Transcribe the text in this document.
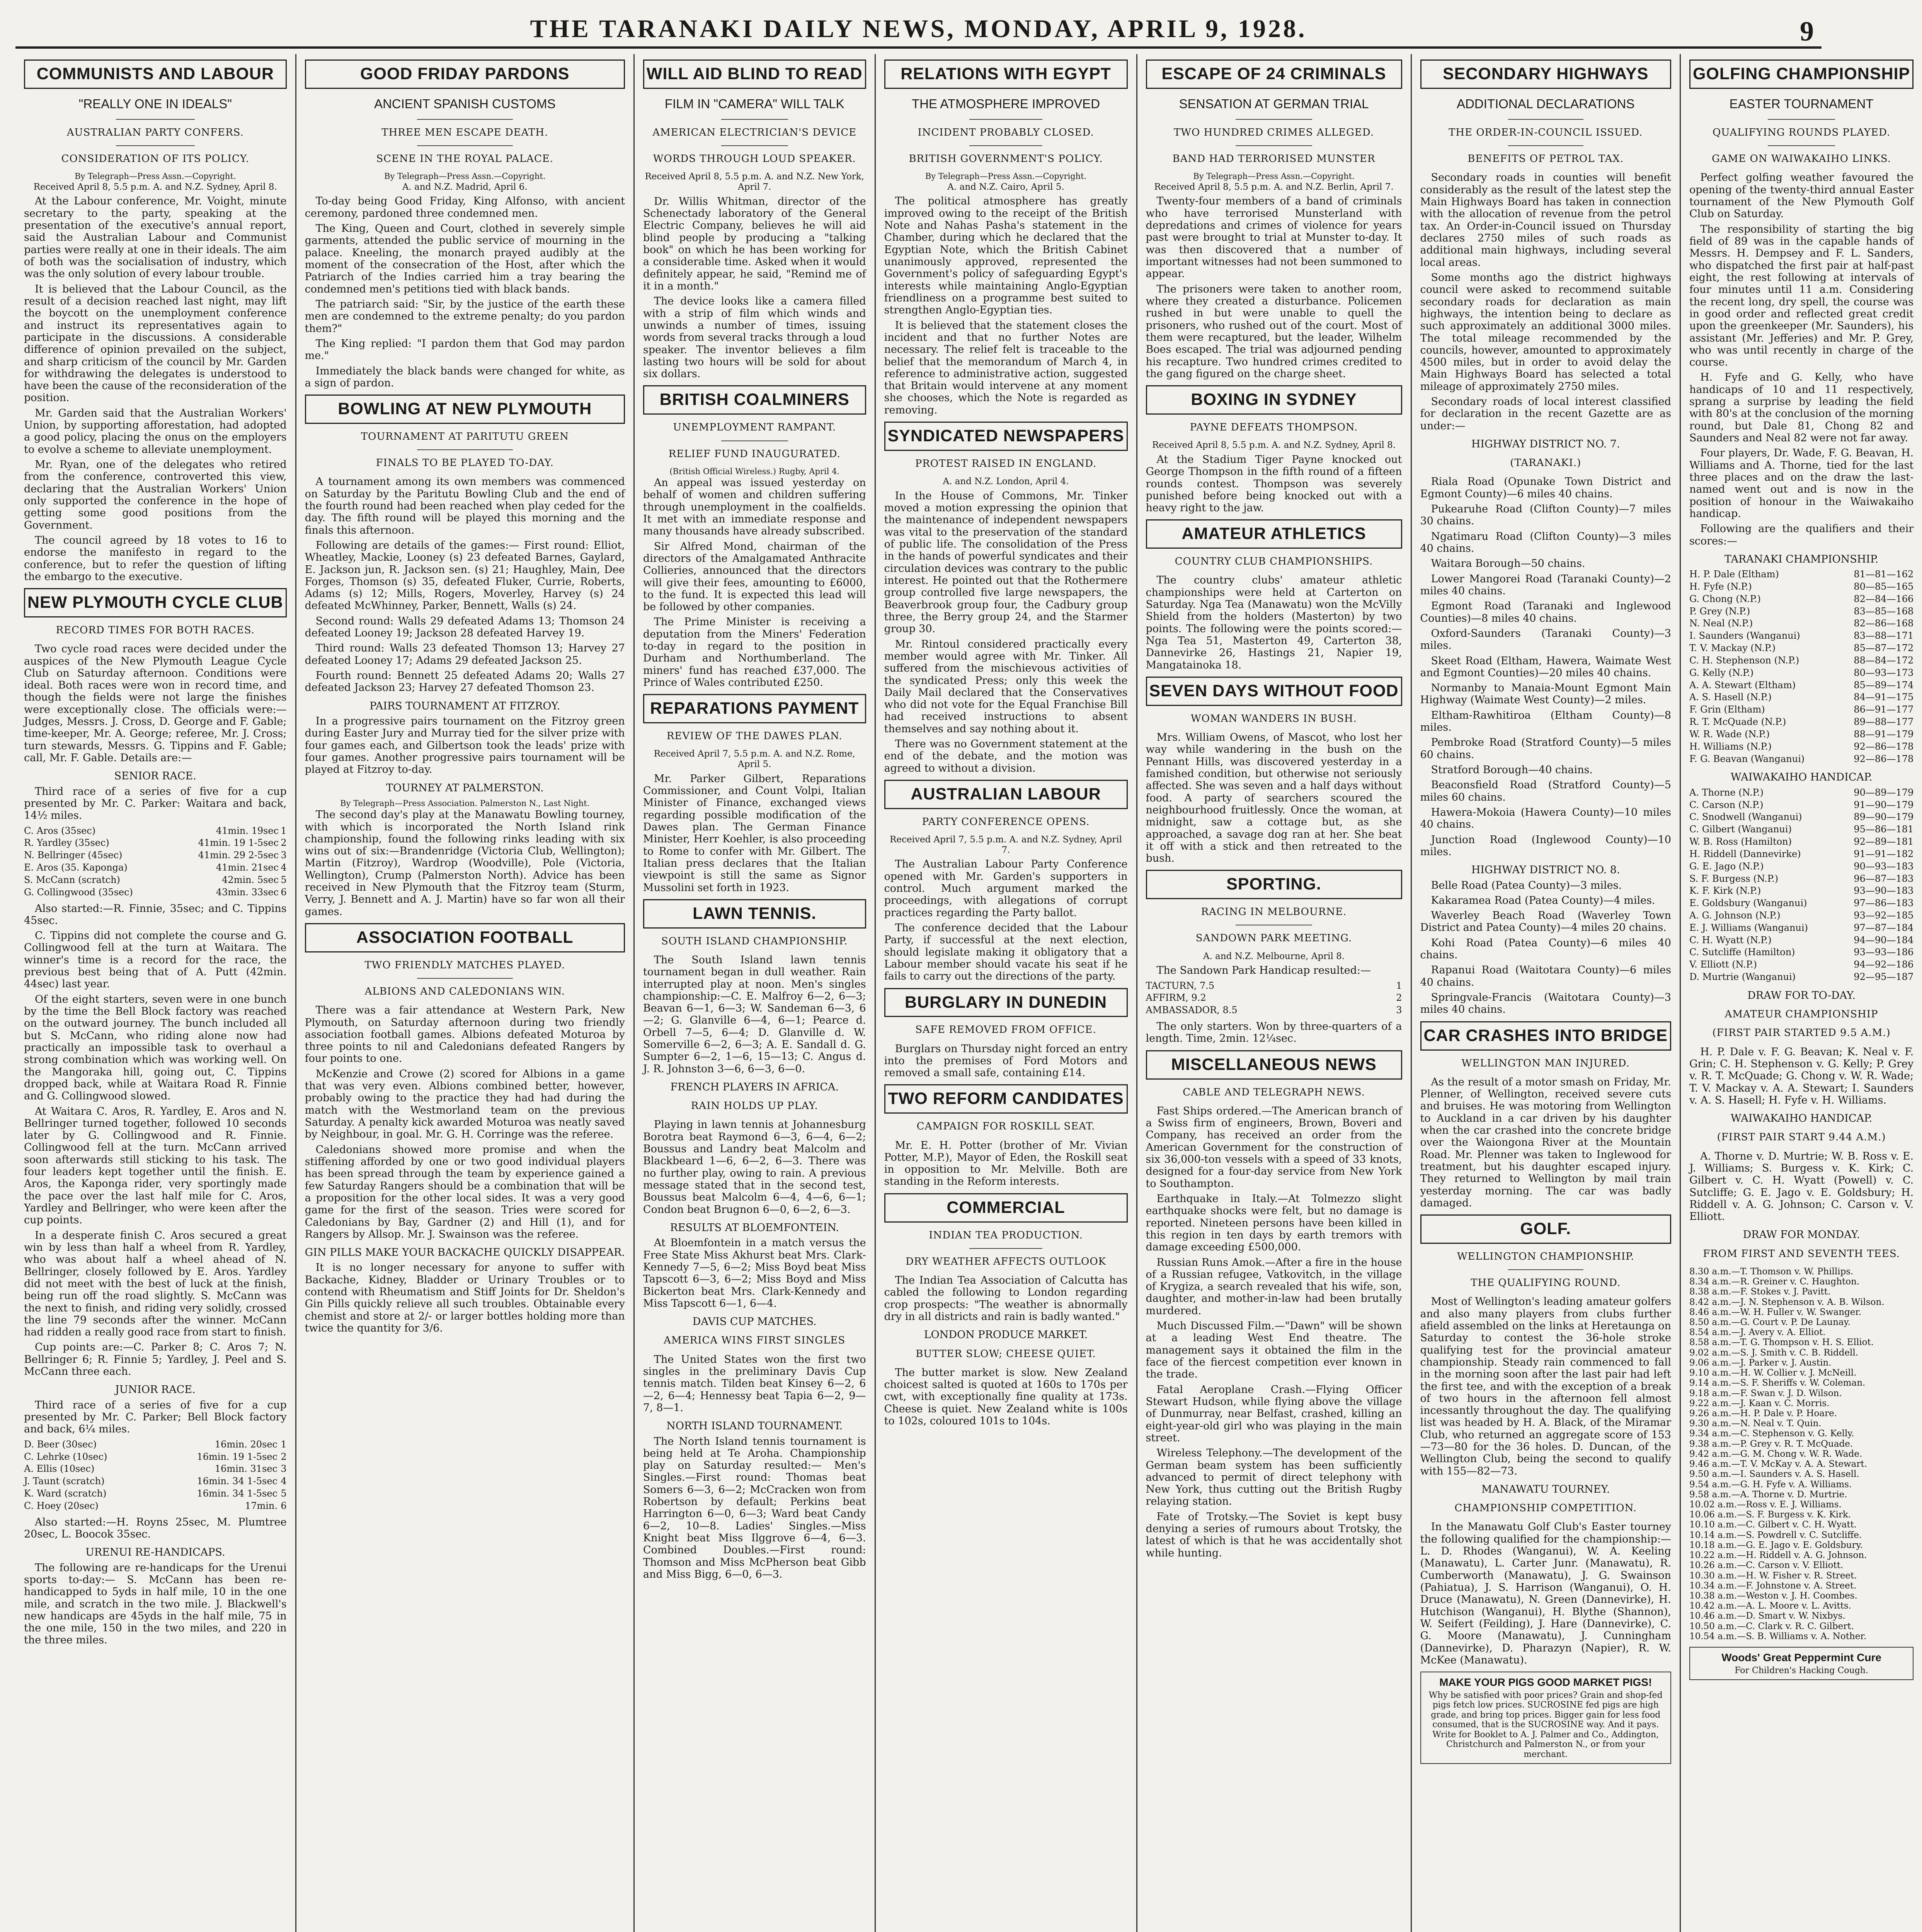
THE TARANAKI DAILY NEWS, MONDAY, APRIL 9, 1928.	9
COMMUNISTS AND LABOUR
"REALLY ONE IN IDEALS"
AUSTRALIAN PARTY CONFERS.
CONSIDERATION OF ITS POLICY.
By Telegraph—Press Assn.—Copyright.
Received April 8, 5.5 p.m. A. and N.Z. Sydney, April 8.

At the Labour conference, Mr. Voight, minute secretary to the party, speaking at the presentation of the executive's annual report, said the Australian Labour and Communist parties were really at one in their ideals. The aim of both was the socialisation of industry, which was the only solution of every labour trouble.

It is believed that the Labour Council, as the result of a decision reached last night, may lift the boycott on the unemployment conference and instruct its representatives again to participate in the discussions. A considerable difference of opinion prevailed on the subject, and sharp criticism of the council by Mr. Garden for withdrawing the delegates is understood to have been the cause of the reconsideration of the position.

Mr. Garden said that the Australian Workers' Union, by supporting afforestation, had adopted a good policy, placing the onus on the employers to evolve a scheme to alleviate unemployment.

Mr. Ryan, one of the delegates who retired from the conference, controverted this view, declaring that the Australian Workers' Union only supported the conference in the hope of getting some good positions from the Government.

The council agreed by 18 votes to 16 to endorse the manifesto in regard to the conference, but to refer the question of lifting the embargo to the executive.

NEW PLYMOUTH CYCLE CLUB
RECORD TIMES FOR BOTH RACES.

Two cycle road races were decided under the auspices of the New Plymouth League Cycle Club on Saturday afternoon. Conditions were ideal. Both races were won in record time, and though the fields were not large the finishes were exceptionally close. The officials were:—Judges, Messrs. J. Cross, D. George and F. Gable; time-keeper, Mr. A. George; referee, Mr. J. Cross; turn stewards, Messrs. G. Tippins and F. Gable; call, Mr. F. Gable. Details are:—

SENIOR RACE.

Third race of a series of five for a cup presented by Mr. C. Parker: Waitara and back, 14½ miles.

C. Aros (35sec)	41min. 19sec	1
R. Yardley (35sec)	41min. 19 1-5sec	2
N. Bellringer (45sec)	41min. 29 2-5sec	3
E. Aros (35. Kaponga)	41min. 21sec	4
S. McCann (scratch)	42min. 5sec	5
G. Collingwood (35sec)	43min. 33sec	6

Also started:—R. Finnie, 35sec; and C. Tippins 45sec.

C. Tippins did not complete the course and G. Collingwood fell at the turn at Waitara. The winner's time is a record for the race, the previous best being that of A. Putt (42min. 44sec) last year.

Of the eight starters, seven were in one bunch by the time the Bell Block factory was reached on the outward journey. The bunch included all but S. McCann, who riding alone now had practically an impossible task to overhaul a strong combination which was working well. On the Mangoraka hill, going out, C. Tippins dropped back, while at Waitara Road R. Finnie and G. Collingwood slowed.

At Waitara C. Aros, R. Yardley, E. Aros and N. Bellringer turned together, followed 10 seconds later by G. Collingwood and R. Finnie. Collingwood fell at the turn. McCann arrived soon afterwards still sticking to his task. The four leaders kept together until the finish. E. Aros, the Kaponga rider, very sportingly made the pace over the last half mile for C. Aros, Yardley and Bellringer, who were keen after the cup points.

In a desperate finish C. Aros secured a great win by less than half a wheel from R. Yardley, who was about half a wheel ahead of N. Bellringer, closely followed by E. Aros. Yardley did not meet with the best of luck at the finish, being run off the road slightly. S. McCann was the next to finish, and riding very solidly, crossed the line 79 seconds after the winner. McCann had ridden a really good race from start to finish.

Cup points are:—C. Parker 8; C. Aros 7; N. Bellringer 6; R. Finnie 5; Yardley, J. Peel and S. McCann three each.

JUNIOR RACE.

Third race of a series of five for a cup presented by Mr. C. Parker; Bell Block factory and back, 6¼ miles.

D. Beer (30sec)	16min. 20sec	1
C. Lehrke (10sec)	16min. 19 1-5sec	2
A. Ellis (10sec)	16min. 31sec	3
J. Taunt (scratch)	16min. 34 1-5sec	4
K. Ward (scratch)	16min. 34 1-5sec	5
C. Hoey (20sec)	17min.	6

Also started:—H. Royns 25sec, M. Plumtree 20sec, L. Boocok 35sec.

URENUI RE-HANDICAPS.

The following are re-handicaps for the Urenui sports to-day:— S. McCann has been re-handicapped to 5yds in half mile, 10 in the one mile, and scratch in the two mile. J. Blackwell's new handicaps are 45yds in the half mile, 75 in the one mile, 150 in the two miles, and 220 in the three miles.

GOOD FRIDAY PARDONS
ANCIENT SPANISH CUSTOMS
THREE MEN ESCAPE DEATH.
SCENE IN THE ROYAL PALACE.
By Telegraph—Press Assn.—Copyright.
A. and N.Z. Madrid, April 6.

To-day being Good Friday, King Alfonso, with ancient ceremony, pardoned three condemned men.

The King, Queen and Court, clothed in severely simple garments, attended the public service of mourning in the palace. Kneeling, the monarch prayed audibly at the moment of the consecration of the Host, after which the Patriarch of the Indies carried him a tray bearing the condemned men's petitions tied with black bands.

The patriarch said: "Sir, by the justice of the earth these men are condemned to the extreme penalty; do you pardon them?"

The King replied: "I pardon them that God may pardon me."

Immediately the black bands were changed for white, as a sign of pardon.

BOWLING AT NEW PLYMOUTH
TOURNAMENT AT PARITUTU GREEN
FINALS TO BE PLAYED TO-DAY.

A tournament among its own members was commenced on Saturday by the Paritutu Bowling Club and the end of the fourth round had been reached when play ceded for the day. The fifth round will be played this morning and the finals this afternoon.

Following are details of the games:— First round: Elliot, Wheatley, Mackie, Looney (s) 23 defeated Barnes, Gaylard, E. Jackson jun, R. Jackson sen. (s) 21; Haughley, Main, Dee Forges, Thomson (s) 35, defeated Fluker, Currie, Roberts, Adams (s) 12; Mills, Rogers, Moverley, Harvey (s) 24 defeated McWhinney, Parker, Bennett, Walls (s) 24.

Second round: Walls 29 defeated Adams 13; Thomson 24 defeated Looney 19; Jackson 28 defeated Harvey 19.

Third round: Walls 23 defeated Thomson 13; Harvey 27 defeated Looney 17; Adams 29 defeated Jackson 25.

Fourth round: Bennett 25 defeated Adams 20; Walls 27 defeated Jackson 23; Harvey 27 defeated Thomson 23.

PAIRS TOURNAMENT AT FITZROY.

In a progressive pairs tournament on the Fitzroy green during Easter Jury and Murray tied for the silver prize with four games each, and Gilbertson took the leads' prize with four games. Another progressive pairs tournament will be played at Fitzroy to-day.

TOURNEY AT PALMERSTON.
By Telegraph—Press Association. Palmerston N., Last Night.

The second day's play at the Manawatu Bowling tourney, with which is incorporated the North Island rink championship, found the following rinks leading with six wins out of six:—Brandenridge (Victoria Club, Wellington); Martin (Fitzroy), Wardrop (Woodville), Pole (Victoria, Wellington), Crump (Palmerston North). Advice has been received in New Plymouth that the Fitzroy team (Sturm, Verry, J. Bennett and A. J. Martin) have so far won all their games.

ASSOCIATION FOOTBALL
TWO FRIENDLY MATCHES PLAYED.
ALBIONS AND CALEDONIANS WIN.

There was a fair attendance at Western Park, New Plymouth, on Saturday afternoon during two friendly association football games. Albions defeated Moturoa by three points to nil and Caledonians defeated Rangers by four points to one.

McKenzie and Crowe (2) scored for Albions in a game that was very even. Albions combined better, however, probably owing to the practice they had had during the match with the Westmorland team on the previous Saturday. A penalty kick awarded Moturoa was neatly saved by Neighbour, in goal. Mr. G. H. Corringe was the referee.

Caledonians showed more promise and when the stiffening afforded by one or two good individual players has been spread through the team by experience gained a few Saturday Rangers should be a combination that will be a proposition for the other local sides. It was a very good game for the first of the season. Tries were scored for Caledonians by Bay, Gardner (2) and Hill (1), and for Rangers by Allsop. Mr. J. Swainson was the referee.

GIN PILLS MAKE YOUR BACKACHE QUICKLY DISAPPEAR.

It is no longer necessary for anyone to suffer with Backache, Kidney, Bladder or Urinary Troubles or to contend with Rheumatism and Stiff Joints for Dr. Sheldon's Gin Pills quickly relieve all such troubles. Obtainable every chemist and store at 2/- or larger bottles holding more than twice the quantity for 3/6.

WILL AID BLIND TO READ
FILM IN "CAMERA" WILL TALK
AMERICAN ELECTRICIAN'S DEVICE
WORDS THROUGH LOUD SPEAKER.
Received April 8, 5.5 p.m. A. and N.Z. New York, April 7.

Dr. Willis Whitman, director of the Schenectady laboratory of the General Electric Company, believes he will aid blind people by producing a "talking book" on which he has been working for a considerable time. Asked when it would definitely appear, he said, "Remind me of it in a month."

The device looks like a camera filled with a strip of film which winds and unwinds a number of times, issuing words from several tracks through a loud speaker. The inventor believes a film lasting two hours will be sold for about six dollars.

BRITISH COALMINERS
UNEMPLOYMENT RAMPANT.
RELIEF FUND INAUGURATED.
(British Official Wireless.) Rugby, April 4.

An appeal was issued yesterday on behalf of women and children suffering through unemployment in the coalfields. It met with an immediate response and many thousands have already subscribed.

Sir Alfred Mond, chairman of the directors of the Amalgamated Anthracite Collieries, announced that the directors will give their fees, amounting to £6000, to the fund. It is expected this lead will be followed by other companies.

The Prime Minister is receiving a deputation from the Miners' Federation to-day in regard to the position in Durham and Northumberland. The miners' fund has reached £37,000. The Prince of Wales contributed £250.

REPARATIONS PAYMENT
REVIEW OF THE DAWES PLAN.
Received April 7, 5.5 p.m. A. and N.Z. Rome, April 5.

Mr. Parker Gilbert, Reparations Commissioner, and Count Volpi, Italian Minister of Finance, exchanged views regarding possible modification of the Dawes plan. The German Finance Minister, Herr Koehler, is also proceeding to Rome to confer with Mr. Gilbert. The Italian press declares that the Italian viewpoint is still the same as Signor Mussolini set forth in 1923.

LAWN TENNIS.
SOUTH ISLAND CHAMPIONSHIP.

The South Island lawn tennis tournament began in dull weather. Rain interrupted play at noon. Men's singles championship:—C. E. Malfroy 6—2, 6—3; Beavan 6—1, 6—3; W. Sandeman 6—3, 6—2; G. Glanville 6—4, 6—1; Pearce d. Orbell 7—5, 6—4; D. Glanville d. W. Somerville 6—2, 6—3; A. E. Sandall d. G. Sumpter 6—2, 1—6, 15—13; C. Angus d. J. R. Johnston 3—6, 6—3, 6—0.

FRENCH PLAYERS IN AFRICA.
RAIN HOLDS UP PLAY.

Playing in lawn tennis at Johannesburg Borotra beat Raymond 6—3, 6—4, 6—2; Boussus and Landry beat Malcolm and Blackbeard 1—6, 6—2, 6—3. There was no further play, owing to rain. A previous message stated that in the second test, Boussus beat Malcolm 6—4, 4—6, 6—1; Condon beat Brugnon 6—0, 6—2, 6—3.

RESULTS AT BLOEMFONTEIN.

At Bloemfontein in a match versus the Free State Miss Akhurst beat Mrs. Clark-Kennedy 7—5, 6—2; Miss Boyd beat Miss Tapscott 6—3, 6—2; Miss Boyd and Miss Bickerton beat Mrs. Clark-Kennedy and Miss Tapscott 6—1, 6—4.

DAVIS CUP MATCHES.
AMERICA WINS FIRST SINGLES

The United States won the first two singles in the preliminary Davis Cup tennis match. Tilden beat Kinsey 6—2, 6—2, 6—4; Hennessy beat Tapia 6—2, 9—7, 8—1.

NORTH ISLAND TOURNAMENT.

The North Island tennis tournament is being held at Te Aroha. Championship play on Saturday resulted:— Men's Singles.—First round: Thomas beat Somers 6—3, 6—2; McCracken won from Robertson by default; Perkins beat Harrington 6—0, 6—3; Ward beat Candy 6—2, 10—8. Ladies' Singles.—Miss Knight beat Miss Ilggrove 6—4, 6—3. Combined Doubles.—First round: Thomson and Miss McPherson beat Gibb and Miss Bigg, 6—0, 6—3.

RELATIONS WITH EGYPT
THE ATMOSPHERE IMPROVED
INCIDENT PROBABLY CLOSED.
BRITISH GOVERNMENT'S POLICY.
By Telegraph—Press Assn.—Copyright.
A. and N.Z. Cairo, April 5.

The political atmosphere has greatly improved owing to the receipt of the British Note and Nahas Pasha's statement in the Chamber, during which he declared that the Egyptian Note, which the British Cabinet unanimously approved, represented the Government's policy of safeguarding Egypt's interests while maintaining Anglo-Egyptian friendliness on a programme best suited to strengthen Anglo-Egyptian ties.

It is believed that the statement closes the incident and that no further Notes are necessary. The relief felt is traceable to the belief that the memorandum of March 4, in reference to administrative action, suggested that Britain would intervene at any moment she chooses, which the Note is regarded as removing.

SYNDICATED NEWSPAPERS
PROTEST RAISED IN ENGLAND.
A. and N.Z. London, April 4.

In the House of Commons, Mr. Tinker moved a motion expressing the opinion that the maintenance of independent newspapers was vital to the preservation of the standard of public life. The consolidation of the Press in the hands of powerful syndicates and their circulation devices was contrary to the public interest. He pointed out that the Rothermere group controlled five large newspapers, the Beaverbrook group four, the Cadbury group three, the Berry group 24, and the Starmer group 30.

Mr. Rintoul considered practically every member would agree with Mr. Tinker. All suffered from the mischievous activities of the syndicated Press; only this week the Daily Mail declared that the Conservatives who did not vote for the Equal Franchise Bill had received instructions to absent themselves and say nothing about it.

There was no Government statement at the end of the debate, and the motion was agreed to without a division.

AUSTRALIAN LABOUR
PARTY CONFERENCE OPENS.
Received April 7, 5.5 p.m. A. and N.Z. Sydney, April 7.

The Australian Labour Party Conference opened with Mr. Garden's supporters in control. Much argument marked the proceedings, with allegations of corrupt practices regarding the Party ballot.

The conference decided that the Labour Party, if successful at the next election, should legislate making it obligatory that a Labour member should vacate his seat if he fails to carry out the directions of the party.

BURGLARY IN DUNEDIN
SAFE REMOVED FROM OFFICE.

Burglars on Thursday night forced an entry into the premises of Ford Motors and removed a small safe, containing £14.

TWO REFORM CANDIDATES
CAMPAIGN FOR ROSKILL SEAT.

Mr. E. H. Potter (brother of Mr. Vivian Potter, M.P.), Mayor of Eden, the Roskill seat in opposition to Mr. Melville. Both are standing in the Reform interests.

COMMERCIAL
INDIAN TEA PRODUCTION.
DRY WEATHER AFFECTS OUTLOOK

The Indian Tea Association of Calcutta has cabled the following to London regarding crop prospects: "The weather is abnormally dry in all districts and rain is badly wanted."

LONDON PRODUCE MARKET.
BUTTER SLOW; CHEESE QUIET.

The butter market is slow. New Zealand choicest salted is quoted at 160s to 170s per cwt, with exceptionally fine quality at 173s. Cheese is quiet. New Zealand white is 100s to 102s, coloured 101s to 104s.

ESCAPE OF 24 CRIMINALS
SENSATION AT GERMAN TRIAL
TWO HUNDRED CRIMES ALLEGED.
BAND HAD TERRORISED MUNSTER
By Telegraph—Press Assn.—Copyright.
Received April 8, 5.5 p.m. A. and N.Z. Berlin, April 7.

Twenty-four members of a band of criminals who have terrorised Munsterland with depredations and crimes of violence for years past were brought to trial at Munster to-day. It was then discovered that a number of important witnesses had not been summoned to appear.

The prisoners were taken to another room, where they created a disturbance. Policemen rushed in but were unable to quell the prisoners, who rushed out of the court. Most of them were recaptured, but the leader, Wilhelm Boes escaped. The trial was adjourned pending his recapture. Two hundred crimes credited to the gang figured on the charge sheet.

BOXING IN SYDNEY
PAYNE DEFEATS THOMPSON.
Received April 8, 5.5 p.m. A. and N.Z. Sydney, April 8.

At the Stadium Tiger Payne knocked out George Thompson in the fifth round of a fifteen rounds contest. Thompson was severely punished before being knocked out with a heavy right to the jaw.

AMATEUR ATHLETICS
COUNTRY CLUB CHAMPIONSHIPS.

The country clubs' amateur athletic championships were held at Carterton on Saturday. Nga Tea (Manawatu) won the McVilly Shield from the holders (Masterton) by two points. The following were the points scored:—Nga Tea 51, Masterton 49, Carterton 38, Dannevirke 26, Hastings 21, Napier 19, Mangatainoka 18.

SEVEN DAYS WITHOUT FOOD
WOMAN WANDERS IN BUSH.

Mrs. William Owens, of Mascot, who lost her way while wandering in the bush on the Pennant Hills, was discovered yesterday in a famished condition, but otherwise not seriously affected. She was seven and a half days without food. A party of searchers scoured the neighbourhood fruitlessly. Once the woman, at midnight, saw a cottage but, as she approached, a savage dog ran at her. She beat it off with a stick and then retreated to the bush.

SPORTING.
RACING IN MELBOURNE.
SANDOWN PARK MEETING.
A. and N.Z. Melbourne, April 8.

The Sandown Park Handicap resulted:—

TACTURN, 7.5	1
AFFIRM, 9.2	2
AMBASSADOR, 8.5	3

The only starters. Won by three-quarters of a length. Time, 2min. 12¼sec.

MISCELLANEOUS NEWS
CABLE AND TELEGRAPH NEWS.

Fast Ships ordered.—The American branch of a Swiss firm of engineers, Brown, Boveri and Company, has received an order from the American Government for the construction of six 36,000-ton vessels with a speed of 33 knots, designed for a four-day service from New York to Southampton.

Earthquake in Italy.—At Tolmezzo slight earthquake shocks were felt, but no damage is reported. Nineteen persons have been killed in this region in ten days by earth tremors with damage exceeding £500,000.

Russian Runs Amok.—After a fire in the house of a Russian refugee, Vatkovitch, in the village of Krygiza, a search revealed that his wife, son, daughter, and mother-in-law had been brutally murdered.

Much Discussed Film.—"Dawn" will be shown at a leading West End theatre. The management says it obtained the film in the face of the fiercest competition ever known in the trade.

Fatal Aeroplane Crash.—Flying Officer Stewart Hudson, while flying above the village of Dunmurray, near Belfast, crashed, killing an eight-year-old girl who was playing in the main street.

Wireless Telephony.—The development of the German beam system has been sufficiently advanced to permit of direct telephony with New York, thus cutting out the British Rugby relaying station.

Fate of Trotsky.—The Soviet is kept busy denying a series of rumours about Trotsky, the latest of which is that he was accidentally shot while hunting.

SECONDARY HIGHWAYS
ADDITIONAL DECLARATIONS
THE ORDER-IN-COUNCIL ISSUED.
BENEFITS OF PETROL TAX.

Secondary roads in counties will benefit considerably as the result of the latest step the Main Highways Board has taken in connection with the allocation of revenue from the petrol tax. An Order-in-Council issued on Thursday declares 2750 miles of such roads as additional main highways, including several local areas.

Some months ago the district highways council were asked to recommend suitable secondary roads for declaration as main highways, the intention being to declare as such approximately an additional 3000 miles. The total mileage recommended by the councils, however, amounted to approximately 4500 miles, but in order to avoid delay the Main Highways Board has selected a total mileage of approximately 2750 miles.

Secondary roads of local interest classified for declaration in the recent Gazette are as under:—

HIGHWAY DISTRICT NO. 7.
(TARANAKI.)

Riala Road (Opunake Town District and Egmont County)—6 miles 40 chains.

Pukearuhe Road (Clifton County)—7 miles 30 chains.

Ngatimaru Road (Clifton County)—3 miles 40 chains.

Waitara Borough—50 chains.

Lower Mangorei Road (Taranaki County)—2 miles 40 chains.

Egmont Road (Taranaki and Inglewood Counties)—8 miles 40 chains.

Oxford-Saunders (Taranaki County)—3 miles.

Skeet Road (Eltham, Hawera, Waimate West and Egmont Counties)—20 miles 40 chains.

Normanby to Manaia-Mount Egmont Main Highway (Waimate West County)—2 miles.

Eltham-Rawhitiroa (Eltham County)—8 miles.

Pembroke Road (Stratford County)—5 miles 60 chains.

Stratford Borough—40 chains.

Beaconsfield Road (Stratford County)—5 miles 60 chains.

Hawera-Mokoia (Hawera County)—10 miles 40 chains.

Junction Road (Inglewood County)—10 miles.

HIGHWAY DISTRICT NO. 8.

Belle Road (Patea County)—3 miles.

Kakaramea Road (Patea County)—4 miles.

Waverley Beach Road (Waverley Town District and Patea County)—4 miles 20 chains.

Kohi Road (Patea County)—6 miles 40 chains.

Rapanui Road (Waitotara County)—6 miles 40 chains.

Springvale-Francis (Waitotara County)—3 miles 40 chains.

CAR CRASHES INTO BRIDGE
WELLINGTON MAN INJURED.

As the result of a motor smash on Friday, Mr. Plenner, of Wellington, received severe cuts and bruises. He was motoring from Wellington to Auckland in a car driven by his daughter when the car crashed into the concrete bridge over the Waiongona River at the Mountain Road. Mr. Plenner was taken to Inglewood for treatment, but his daughter escaped injury. They returned to Wellington by mail train yesterday morning. The car was badly damaged.

GOLF.
WELLINGTON CHAMPIONSHIP.
THE QUALIFYING ROUND.

Most of Wellington's leading amateur golfers and also many players from clubs further afield assembled on the links at Heretaunga on Saturday to contest the 36-hole stroke qualifying test for the provincial amateur championship. Steady rain commenced to fall in the morning soon after the last pair had left the first tee, and with the exception of a break of two hours in the afternoon fell almost incessantly throughout the day. The qualifying list was headed by H. A. Black, of the Miramar Club, who returned an aggregate score of 153—73—80 for the 36 holes. D. Duncan, of the Wellington Club, being the second to qualify with 155—82—73.

MANAWATU TOURNEY.
CHAMPIONSHIP COMPETITION.

In the Manawatu Golf Club's Easter tourney the following qualified for the championship:—L. D. Rhodes (Wanganui), W. A. Keeling (Manawatu), L. Carter Junr. (Manawatu), R. Cumberworth (Manawatu), J. G. Swainson (Pahiatua), J. S. Harrison (Wanganui), O. H. Druce (Manawatu), N. Green (Dannevirke), H. Hutchison (Wanganui), H. Blythe (Shannon), W. Seifert (Feilding), J. Hare (Dannevirke), C. G. Moore (Manawatu), J. Cunningham (Dannevirke), D. Pharazyn (Napier), R. W. McKee (Manawatu).

MAKE YOUR PIGS GOOD MARKET PIGS!
Why be satisfied with poor prices? Grain and shop-fed pigs fetch low prices. SUCROSINE fed pigs are high grade, and bring top prices. Bigger gain for less food consumed, that is the SUCROSINE way. And it pays. Write for Booklet to A. J. Palmer and Co., Addington, Christchurch and Palmerston N., or from your merchant.
GOLFING CHAMPIONSHIP
EASTER TOURNAMENT
QUALIFYING ROUNDS PLAYED.
GAME ON WAIWAKAIHO LINKS.

Perfect golfing weather favoured the opening of the twenty-third annual Easter tournament of the New Plymouth Golf Club on Saturday.

The responsibility of starting the big field of 89 was in the capable hands of Messrs. H. Dempsey and F. L. Sanders, who dispatched the first pair at half-past eight, the rest following at intervals of four minutes until 11 a.m. Considering the recent long, dry spell, the course was in good order and reflected great credit upon the greenkeeper (Mr. Saunders), his assistant (Mr. Jefferies) and Mr. P. Grey, who was until recently in charge of the course.

H. Fyfe and G. Kelly, who have handicaps of 10 and 11 respectively, sprang a surprise by leading the field with 80's at the conclusion of the morning round, but Dale 81, Chong 82 and Saunders and Neal 82 were not far away.

Four players, Dr. Wade, F. G. Beavan, H. Williams and A. Thorne, tied for the last three places and on the draw the last-named went out and is now in the position of honour in the Waiwakaiho handicap.

Following are the qualifiers and their scores:—

TARANAKI CHAMPIONSHIP.
H. P. Dale (Eltham)	81—81—162
H. Fyfe (N.P.)	80—85—165
G. Chong (N.P.)	82—84—166
P. Grey (N.P.)	83—85—168
N. Neal (N.P.)	82—86—168
I. Saunders (Wanganui)	83—88—171
T. V. Mackay (N.P.)	85—87—172
C. H. Stephenson (N.P.)	88—84—172
G. Kelly (N.P.)	80—93—173
A. A. Stewart (Eltham)	85—89—174
A. S. Hasell (N.P.)	84—91—175
F. Grin (Eltham)	86—91—177
R. T. McQuade (N.P.)	89—88—177
W. R. Wade (N.P.)	88—91—179
H. Williams (N.P.)	92—86—178
F. G. Beavan (Wanganui)	92—86—178
WAIWAKAIHO HANDICAP.
A. Thorne (N.P.)	90—89—179
C. Carson (N.P.)	91—90—179
C. Snodwell (Wanganui)	89—90—179
C. Gilbert (Wanganui)	95—86—181
W. B. Ross (Hamilton)	92—89—181
H. Riddell (Dannevirke)	91—91—182
G. E. Jago (N.P.)	90—93—183
S. F. Burgess (N.P.)	96—87—183
K. F. Kirk (N.P.)	93—90—183
E. Goldsbury (Wanganui)	97—86—183
A. G. Johnson (N.P.)	93—92—185
E. J. Williams (Wanganui)	97—87—184
C. H. Wyatt (N.P.)	94—90—184
C. Sutcliffe (Hamilton)	93—93—186
V. Elliott (N.P.)	94—92—186
D. Murtrie (Wanganui)	92—95—187
DRAW FOR TO-DAY.
AMATEUR CHAMPIONSHIP
(FIRST PAIR STARTED 9.5 A.M.)

H. P. Dale v. F. G. Beavan; K. Neal v. F. Grin; C. H. Stephenson v. G. Kelly; P. Grey v. R. T. McQuade; G. Chong v. W. R. Wade; T. V. Mackay v. A. A. Stewart; I. Saunders v. A. S. Hasell; H. Fyfe v. H. Williams.

WAIWAKAIHO HANDICAP.
(FIRST PAIR START 9.44 A.M.)

A. Thorne v. D. Murtrie; W. B. Ross v. E. J. Williams; S. Burgess v. K. Kirk; C. Gilbert v. C. H. Wyatt (Powell) v. C. Sutcliffe; G. E. Jago v. E. Goldsbury; H. Riddell v. A. G. Johnson; C. Carson v. V. Elliott.

DRAW FOR MONDAY.
FROM FIRST AND SEVENTH TEES.
8.30 a.m.—T. Thomson v. W. Phillips.
8.34 a.m.—R. Greiner v. C. Haughton.
8.38 a.m.—F. Stokes v. J. Pavitt.
8.42 a.m.—J. N. Stephenson v. A. B. Wilson.
8.46 a.m.—W. H. Fuller v. W. Swanger.
8.50 a.m.—G. Court v. P. De Launay.
8.54 a.m.—J. Avery v. A. Elliot.
8.58 a.m.—T. G. Thompson v. H. S. Elliot.
9.02 a.m.—S. J. Smith v. C. B. Riddell.
9.06 a.m.—J. Parker v. J. Austin.
9.10 a.m.—H. W. Collier v. J. McNeill.
9.14 a.m.—S. F. Sheriffs v. W. Coleman.
9.18 a.m.—F. Swan v. J. D. Wilson.
9.22 a.m.—J. Kaan v. C. Morris.
9.26 a.m.—H. P. Dale v. P. Hoare.
9.30 a.m.—N. Neal v. T. Quin.
9.34 a.m.—C. Stephenson v. G. Kelly.
9.38 a.m.—P. Grey v. R. T. McQuade.
9.42 a.m.—G. M. Chong v. W. R. Wade.
9.46 a.m.—T. V. McKay v. A. A. Stewart.
9.50 a.m.—I. Saunders v. A. S. Hasell.
9.54 a.m.—G. H. Fyfe v. A. Williams.
9.58 a.m.—A. Thorne v. D. Murtrie.
10.02 a.m.—Ross v. E. J. Williams.
10.06 a.m.—S. F. Burgess v. K. Kirk.
10.10 a.m.—C. Gilbert v. C. H. Wyatt.
10.14 a.m.—S. Powdrell v. C. Sutcliffe.
10.18 a.m.—G. E. Jago v. E. Goldsbury.
10.22 a.m.—H. Riddell v. A. G. Johnson.
10.26 a.m.—C. Carson v. V. Elliott.
10.30 a.m.—H. W. Fisher v. R. Street.
10.34 a.m.—F. Johnstone v. A. Street.
10.38 a.m.—Weston v. J. H. Coombes.
10.42 a.m.—A. L. Moore v. L. Avitts.
10.46 a.m.—D. Smart v. W. Nixbys.
10.50 a.m.—C. Clark v. R. C. Gilbert.
10.54 a.m.—S. B. Williams v. A. Nother.
Woods' Great Peppermint Cure
For Children's Hacking Cough.
